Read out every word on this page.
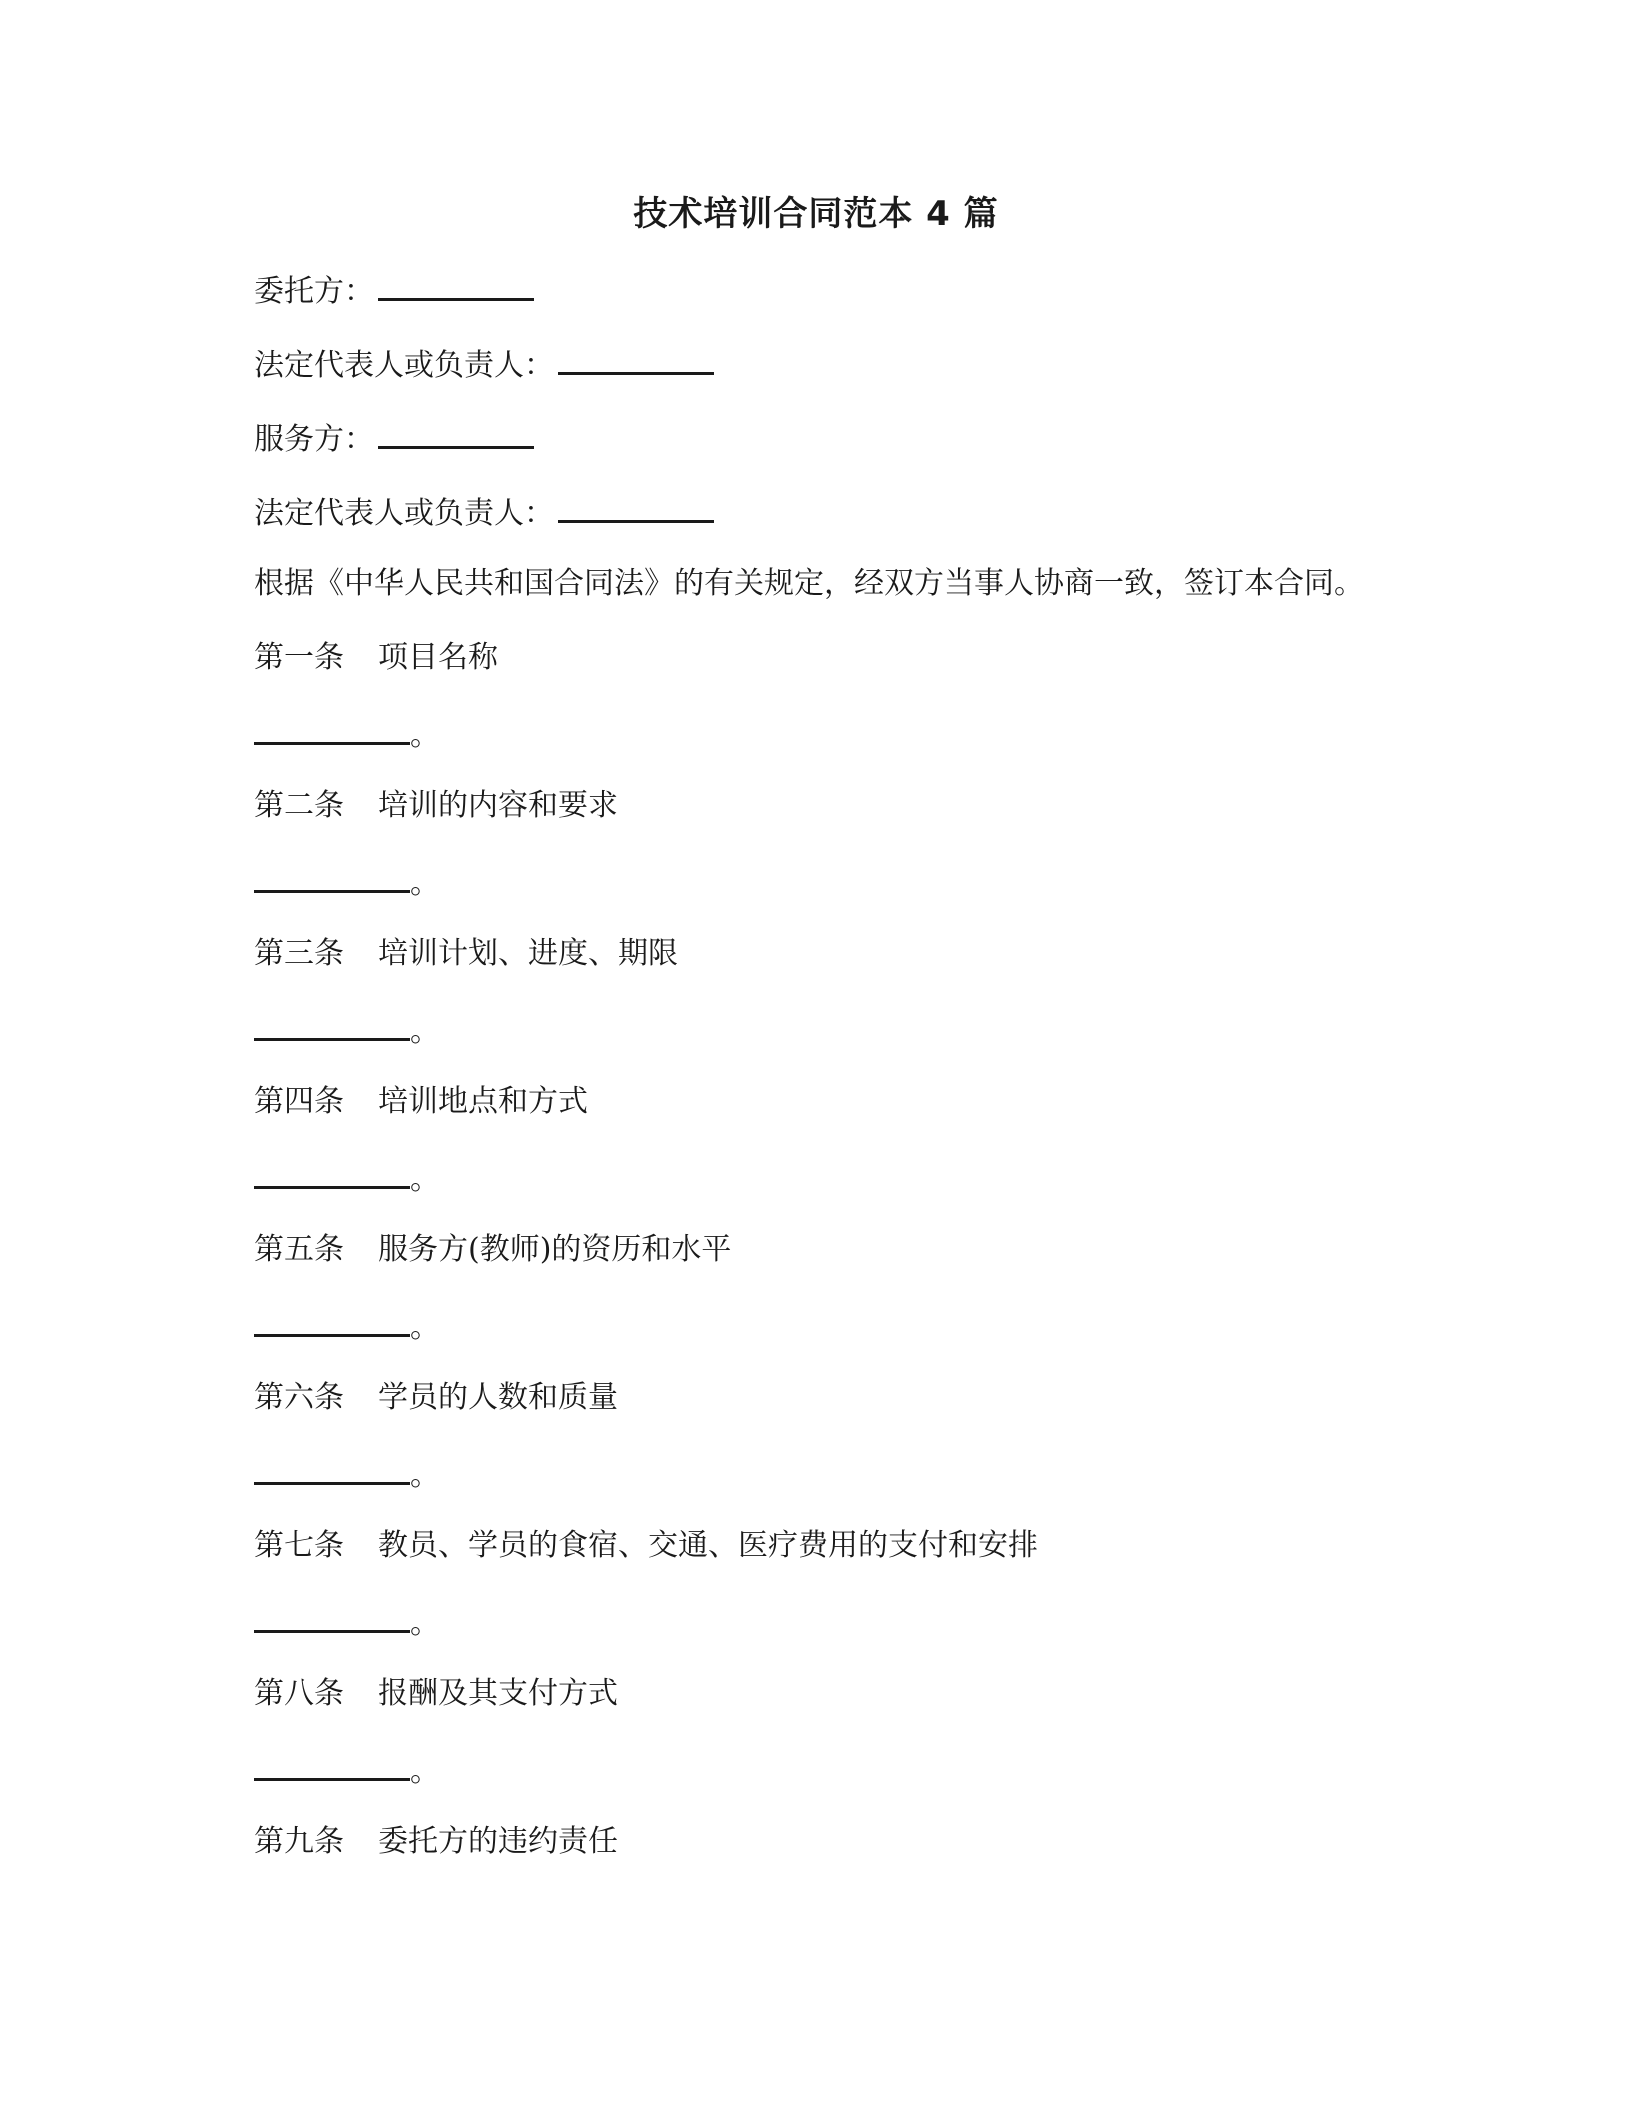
技术培训合同范本 4 篇
委托方：
法定代表人或负责人：
服务方：
法定代表人或负责人：
根据《中华人民共和国合同法》的有关规定，经双方当事人协商一致，签订本合同。
第一条 项目名称
。
第二条 培训的内容和要求
。
第三条 培训计划、进度、期限
。
第四条 培训地点和方式
。
第五条 服务方(教师)的资历和水平
。
第六条 学员的人数和质量
。
第七条 教员、学员的食宿、交通、医疗费用的支付和安排
。
第八条 报酬及其支付方式
。
第九条 委托方的违约责任
